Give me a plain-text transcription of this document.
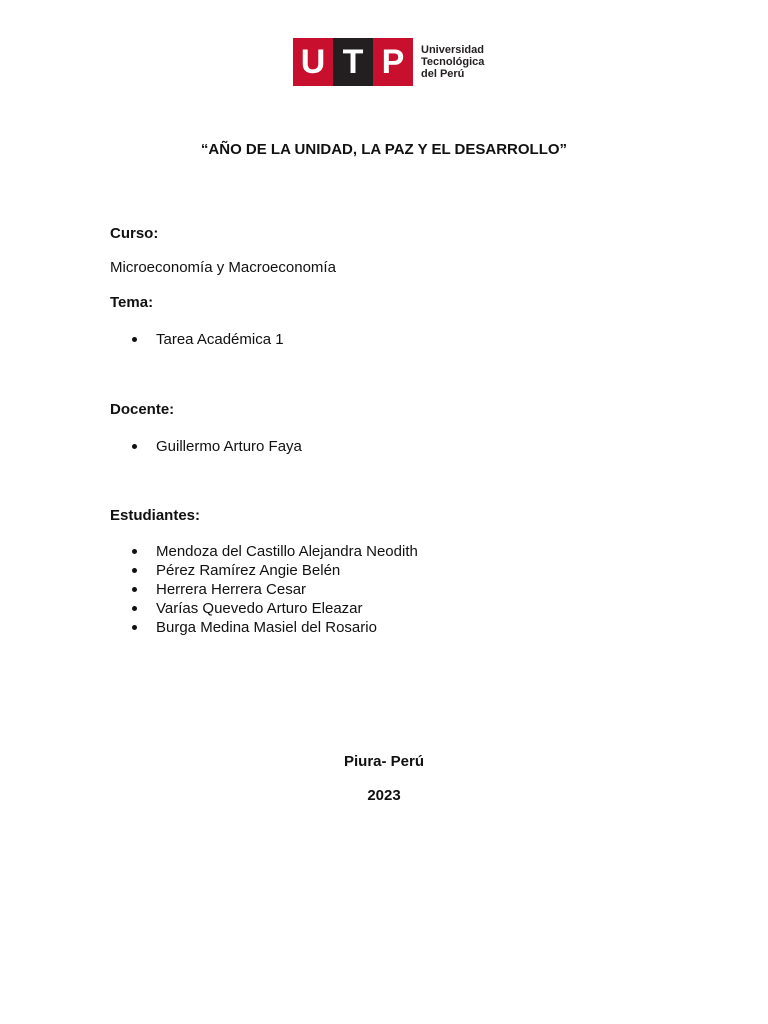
U T P	Universidad
Tecnológica
del Perú
“AÑO DE LA UNIDAD, LA PAZ Y EL DESARROLLO”
Curso:
Microeconomía y Macroeconomía
Tema:
Tarea Académica 1
Docente:
Guillermo Arturo Faya
Estudiantes:
Mendoza del Castillo Alejandra Neodith
Pérez Ramírez Angie Belén
Herrera Herrera Cesar
Varías Quevedo Arturo Eleazar
Burga Medina Masiel del Rosario
Piura- Perú
2023
